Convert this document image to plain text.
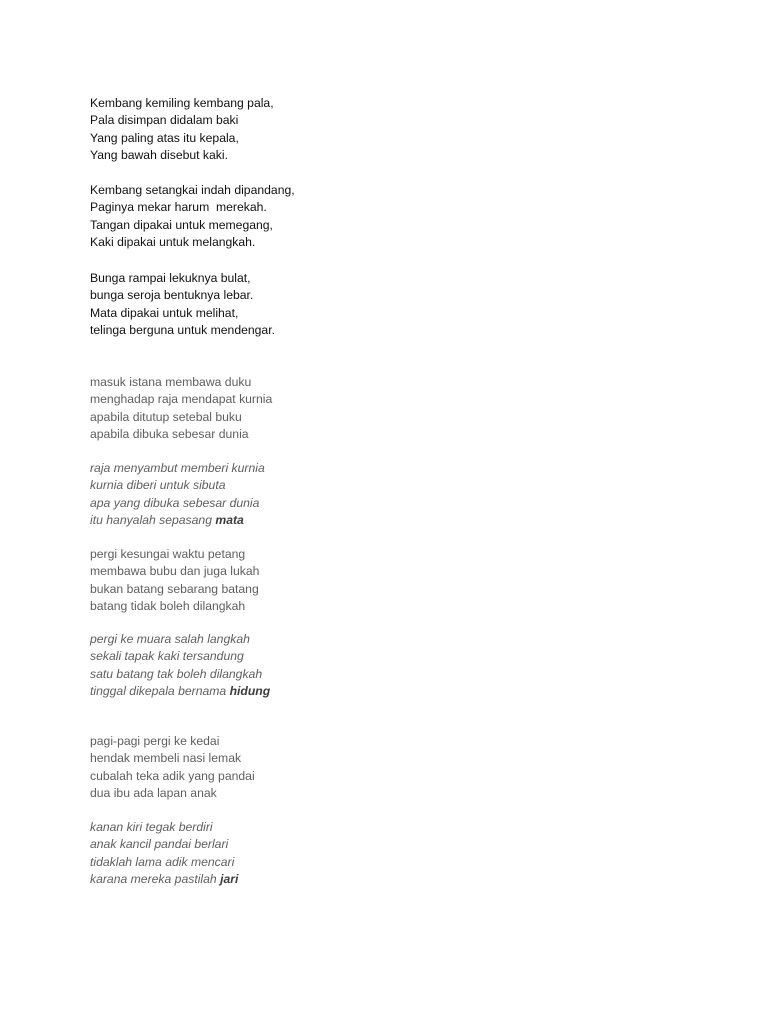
Kembang kemiling kembang pala,
Pala disimpan didalam baki
Yang paling atas itu kepala,
Yang bawah disebut kaki.

Kembang setangkai indah dipandang,
Paginya mekar harum  merekah.
Tangan dipakai untuk memegang,
Kaki dipakai untuk melangkah.

Bunga rampai lekuknya bulat,
bunga seroja bentuknya lebar.
Mata dipakai untuk melihat,
telinga berguna untuk mendengar.

masuk istana membawa duku
menghadap raja mendapat kurnia
apabila ditutup setebal buku
apabila dibuka sebesar dunia

raja menyambut memberi kurnia
kurnia diberi untuk sibuta
apa yang dibuka sebesar dunia
itu hanyalah sepasang mata

pergi kesungai waktu petang
membawa bubu dan juga lukah
bukan batang sebarang batang
batang tidak boleh dilangkah

pergi ke muara salah langkah
sekali tapak kaki tersandung
satu batang tak boleh dilangkah
tinggal dikepala bernama hidung

pagi-pagi pergi ke kedai
hendak membeli nasi lemak
cubalah teka adik yang pandai
dua ibu ada lapan anak

kanan kiri tegak berdiri
anak kancil pandai berlari
tidaklah lama adik mencari
karana mereka pastilah jari
